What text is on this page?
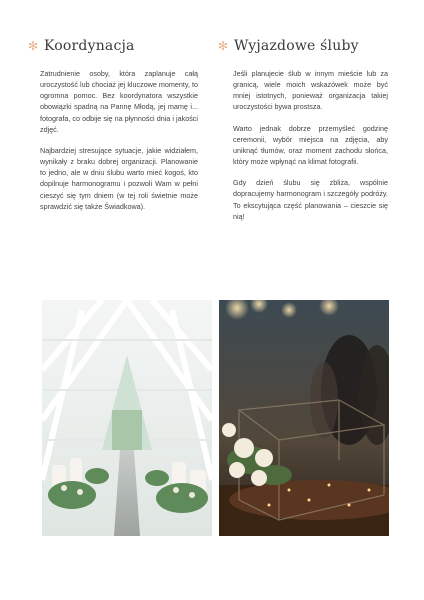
✻ Koordynacja

Zatrudnienie osoby, która zaplanuje całą uroczystość lub chociaż jej kluczowe momenty, to ogromna pomoc. Bez koordynatora wszystkie obowiązki spadną na Pannę Młodą, jej mamę i... fotografa, co odbije się na płynności dnia i jakości zdjęć.

Najbardziej stresujące sytuacje, jakie widziałem, wynikały z braku dobrej organizacji. Planowanie to jedno, ale w dniu ślubu warto mieć kogoś, kto dopilnuje harmonogramu i pozwoli Wam w pełni cieszyć się tym dniem (w tej roli świetnie może sprawdzić się także Świadkowa).

✻ Wyjazdowe śluby

Jeśli planujecie ślub w innym mieście lub za granicą, wiele moich wskazówek może być mniej istotnych, ponieważ organizacja takiej uroczystości bywa prostsza.

Warto jednak dobrze przemyśleć godzinę ceremonii, wybór miejsca na zdjęcia, aby uniknąć tłumów, oraz moment zachodu słońca, który może wpłynąć na klimat fotografii.

Gdy dzień ślubu się zbliża, wspólnie dopracujemy harmonogram i szczegóły podróży. To ekscytująca część planowania – cieszcie się nią!
